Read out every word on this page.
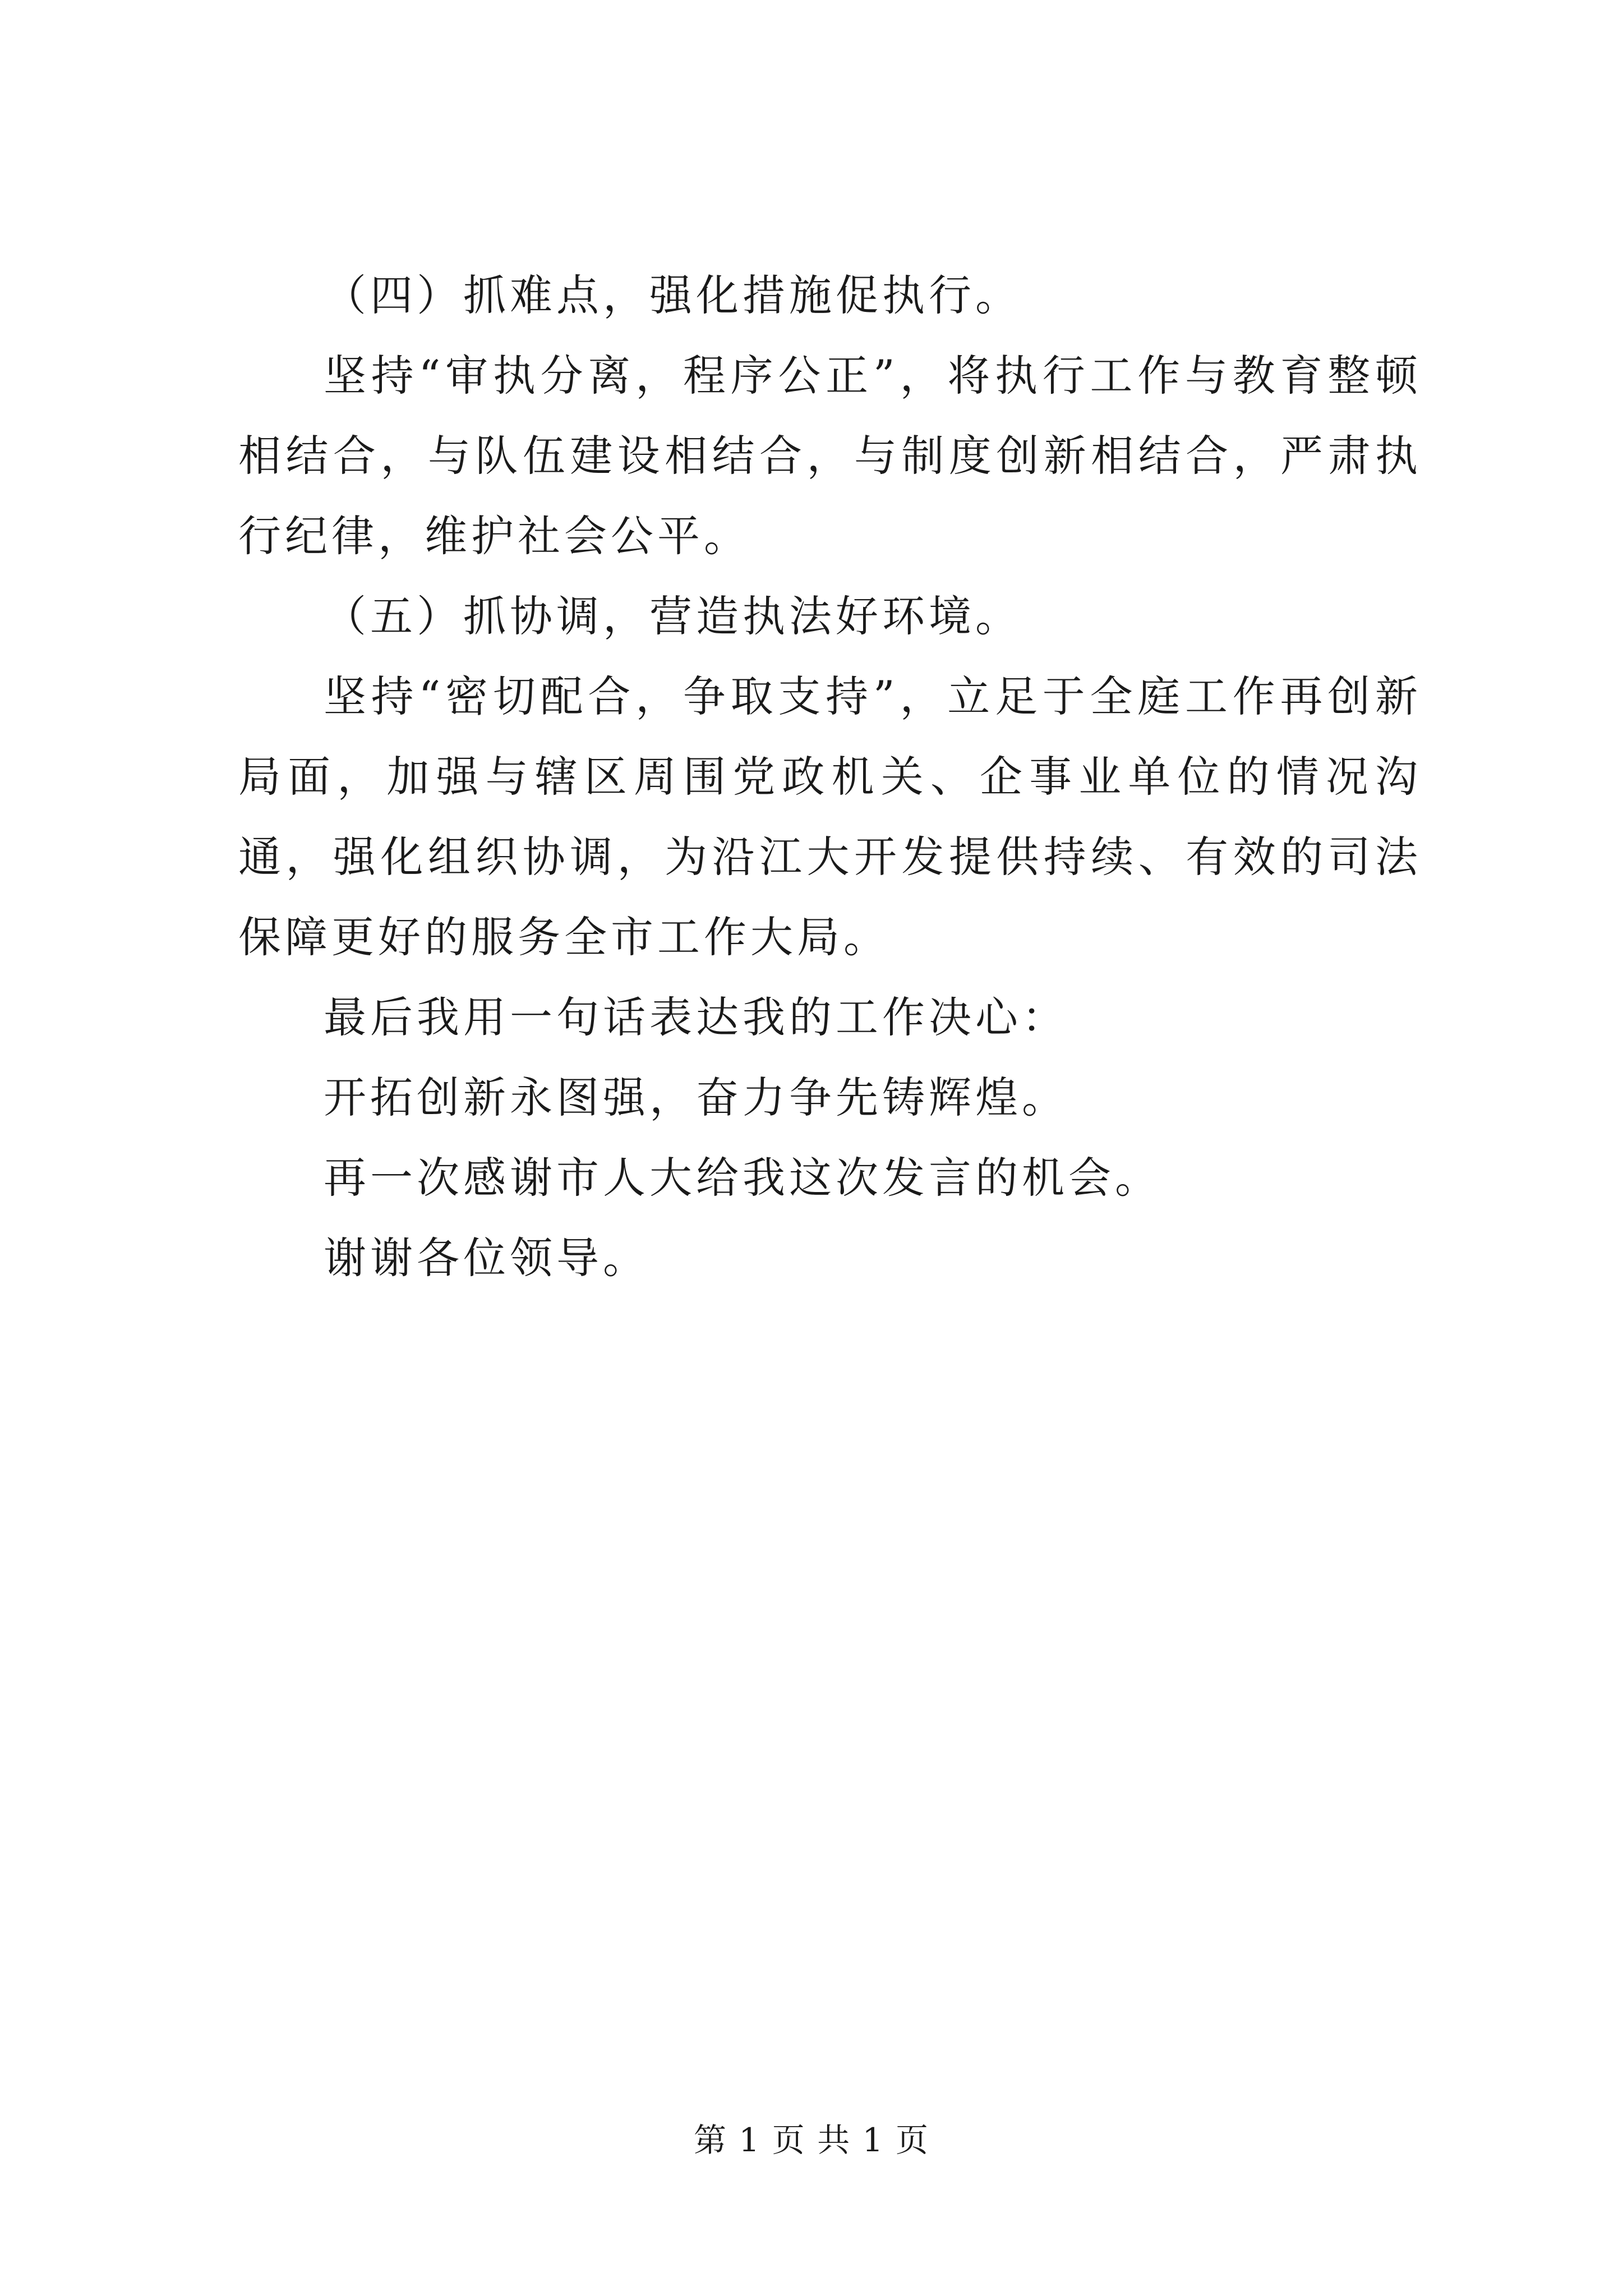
（四）抓难点，强化措施促执行。

坚持“审执分离，程序公正”，将执行工作与教育整顿相结合，与队伍建设相结合，与制度创新相结合，严肃执行纪律，维护社会公平。

（五）抓协调，营造执法好环境。

坚持“密切配合，争取支持”，立足于全庭工作再创新局面，加强与辖区周围党政机关、企事业单位的情况沟通，强化组织协调，为沿江大开发提供持续、有效的司法保障更好的服务全市工作大局。

最后我用一句话表达我的工作决心：

开拓创新永图强，奋力争先铸辉煌。

再一次感谢市人大给我这次发言的机会。

谢谢各位领导。

第 1 页 共 1 页
